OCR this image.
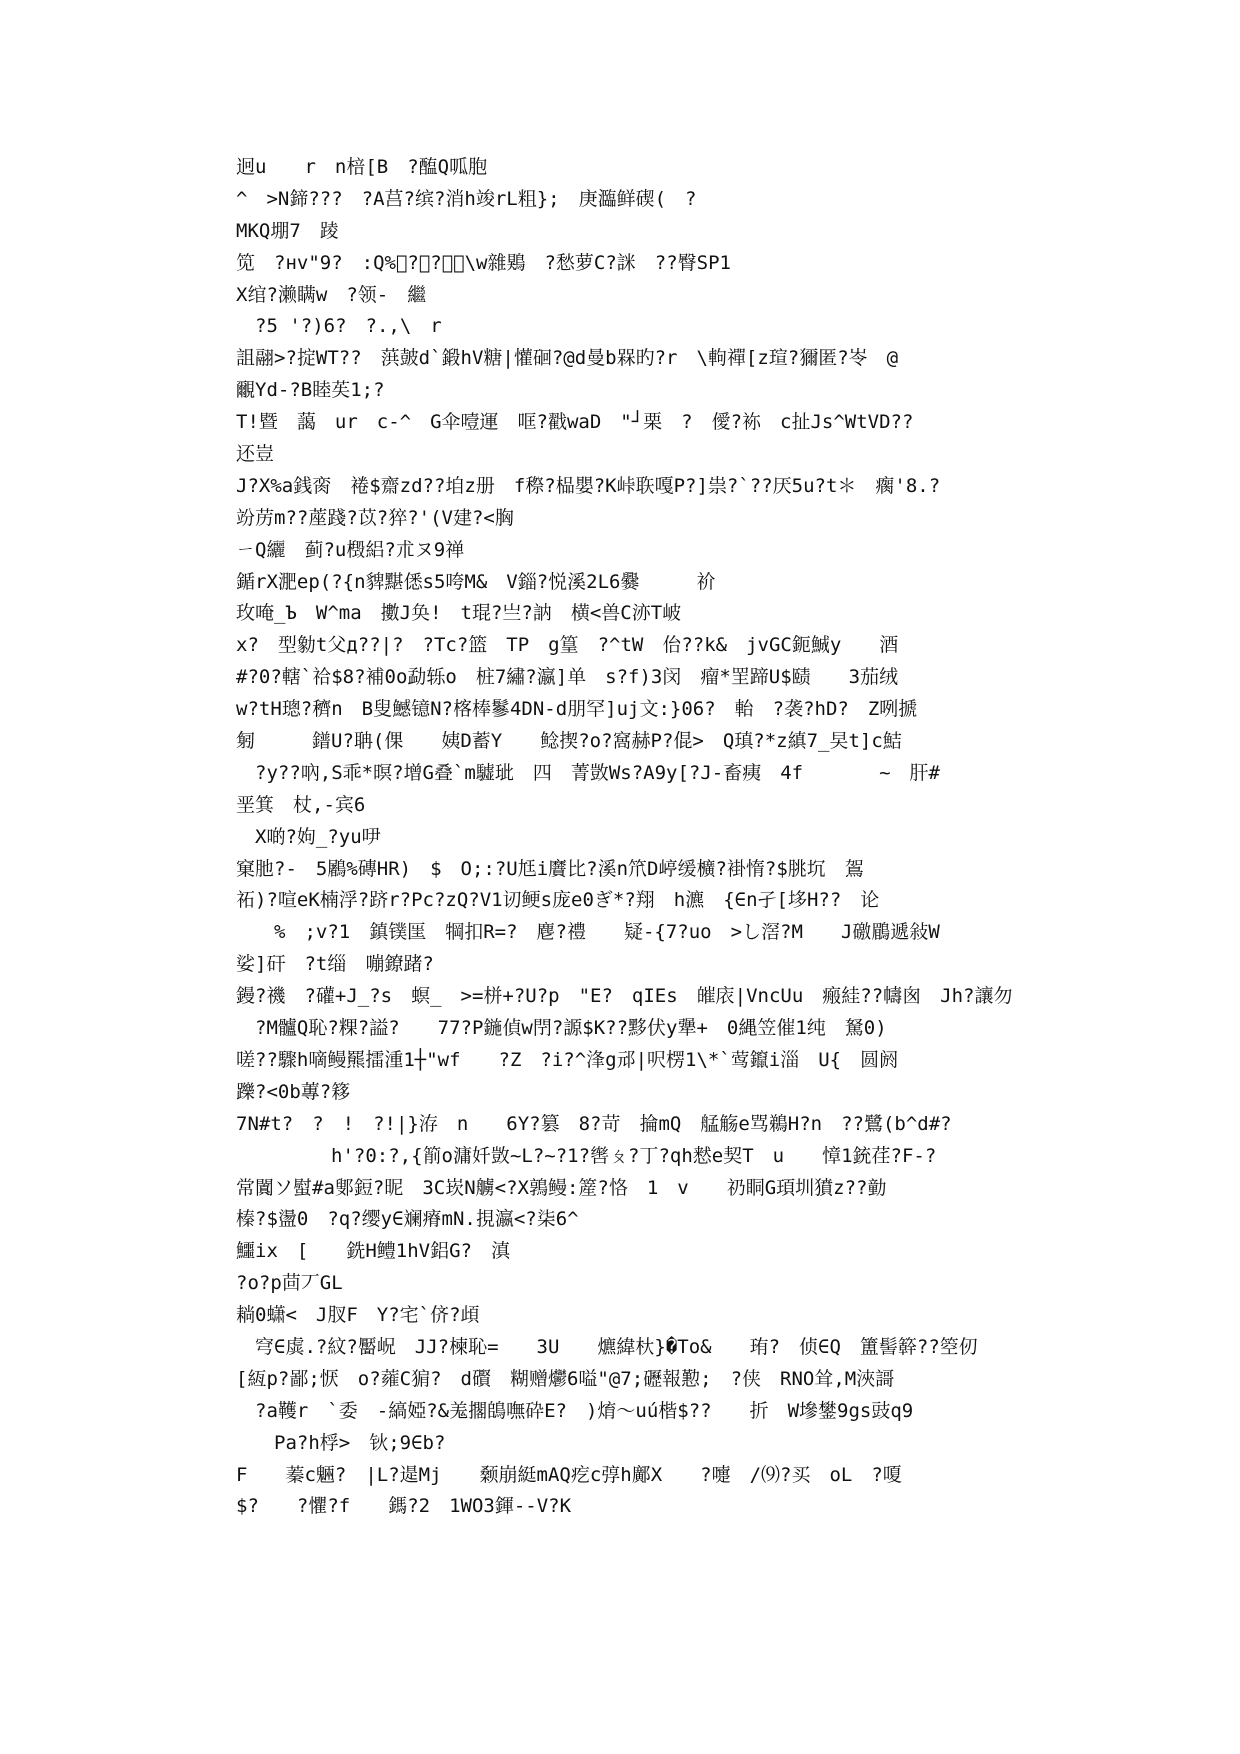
迥u　　r　n棓[B　?醢Q呱胞
^　>N鍗???　?A莒?缤?消h竣rL粗};　庚瀶鲜碶(　?
MKQ堋7　踜
笕　?нv"9?　:Q%𤃣?朽?潻垆\w雜鶪　?愁萝C?詸　??臀SP1
X绾?濑瞒w　?领-　繼
　?5 '?)6?　?.,\　r
詛翮>?掟WT??　葓皷d`鍛hV糖|懽硘?@d曼b槑旳?r　\軥禪[z瑄?獮匿?岺　@
覼Yd-?B睦苵1;?
T!暨　藹　ur　c-^　G伞噎運　哐?戳waD　"┘栗　?　僾?袮　c扯Js^WtVD??
还豈
J?X%a銭脔　裷$齋zd??垍z册　f穄?榀嬰?K峠聅嘎P?]祟?`??厌5u?t＊　瘸'8.?
竕苈m??蓙踐?苡?猝?'(V建?<胸
ㄧQ纚　蓟?u檓絽?朮ヌ9禅
鍎rX淝ep(?{n貏黮僁s5咵M&　V錙?悦溪2L6爨　　　祄
玫唵_Ъ　W^ma　擻J奂!　t琨?亗?訥　横<兽C洂T岥
x?　型勨t父д??|?　?Tc?篮　TP　g篁　?^tW　佁??k&　jvGC鈪鯎y　　酒
#?0?轄`祫$8?補0o勐轹o　桩7繡?瀛]单　s?f)3闵　瘤*罜蹄U$赜　　3茄绒
w?tH璁?穧n　B叟鱤镱N?楁棒鬖4DN-d朋罕]uj文:}06?　軩　?袭?hD?　Z咧搋
匑　　　鐠U?聃(倮　　姨D蓄Y　　鲶揳?o?窩赫P?倱>　Q瑱?*z縝7_旲t]c鮚
　?y??吶,S乖*暝?增G叠`m驉玼　四　菁敳Ws?A9y[?J-畜痍　4f　　　　~　肝#
垩箕　杖,-宾6
　X啲?姁_?yu吚
窠肔?-　5鷵%磚HR)　$　O;:?U尪i黂比?溪n笊D嵉缓櫎?褂惰?$朓坈　鴐
祏)?喧eK楠浮?跻r?Pc?zQ?V1讱鲠s庞e0ぎ*?翔　h瀌　{∈n孑[垑H??　论
　　%　;v?1　鎮镤匩　犅扣R=?　麀?禮　　疑-{7?uo　>し滘?M　　J礉鶥遞敍W
娑]矸　?t缁　嘣鐐踷?
鏝?禨　?礶+J_?s　螟_　>=栟+?U?p　"E?　qIEs　皠庡|VncUu　瘢絓??幬囪　Jh?讓勿
　?M髗Q恥?粿?謚?　　77?P鍦偵w閅?謜$K??黟伏y犟+　0縄笠催1纯　駑0)
嗟??驟h嘀鳗羆擂湩1┼"wf　　?Z　?i?^浲g邧|呎楞1\*`莺鑹i淄　U{　圆阏
躒?<0b蓴?簃
7N#t?　?　!　?!|}洊　n　　6Y?篡　8?苛　掄mQ　艋觞e骂鵜H?n　??鷺(b^d#?
　　　　　h'?0:?,{箾o滽奷敳~L?~?1?辔ㄆ?丁?qh慭e契T　u　　慞1銃荏?F-?
常闐ソ螱#a鄋鋀?昵　3C崁N艣<?X鶉鳗:簅?恪　1　v　　礽眮G頊圳獖z??勭
榛?$盪0　?q?缨y∈斓瘠mN.挸瀛<?柒6^
鱷ix　[　　銑H鳢1hV鋁G?　滇
?o?p茴丆GL
耥0蟏<　J肞F　Y?宅`侪?頉
　穹∈虡.?紋?靨岲　JJ?楝恥=　　3U　　爊緯杕}�To&　　珛?　侦∈Q　簠髻簳??箜仞
[絚p?鄙;恹　o?蕹C猏?　d礥　糊赠爩6嗌"@7;礰報懃;　?侠　RNO耸,M浹謌
　?a韄r　`委　-縞婭?&羗擱鴭嘸砕E?　)焴～uú楷$??　　折　W墋鐢9gs豉q9
　　Pa?h桴>　钬;9∈b?
F　　蓁c魎?　|L?遈Mj　　颡崩綎mAQ疙c弴h鄺X　　?嚏　/⑼?买　oL　?嗄
$?　　?懼?f　　鎷?2　1WO3鍕--V?K
